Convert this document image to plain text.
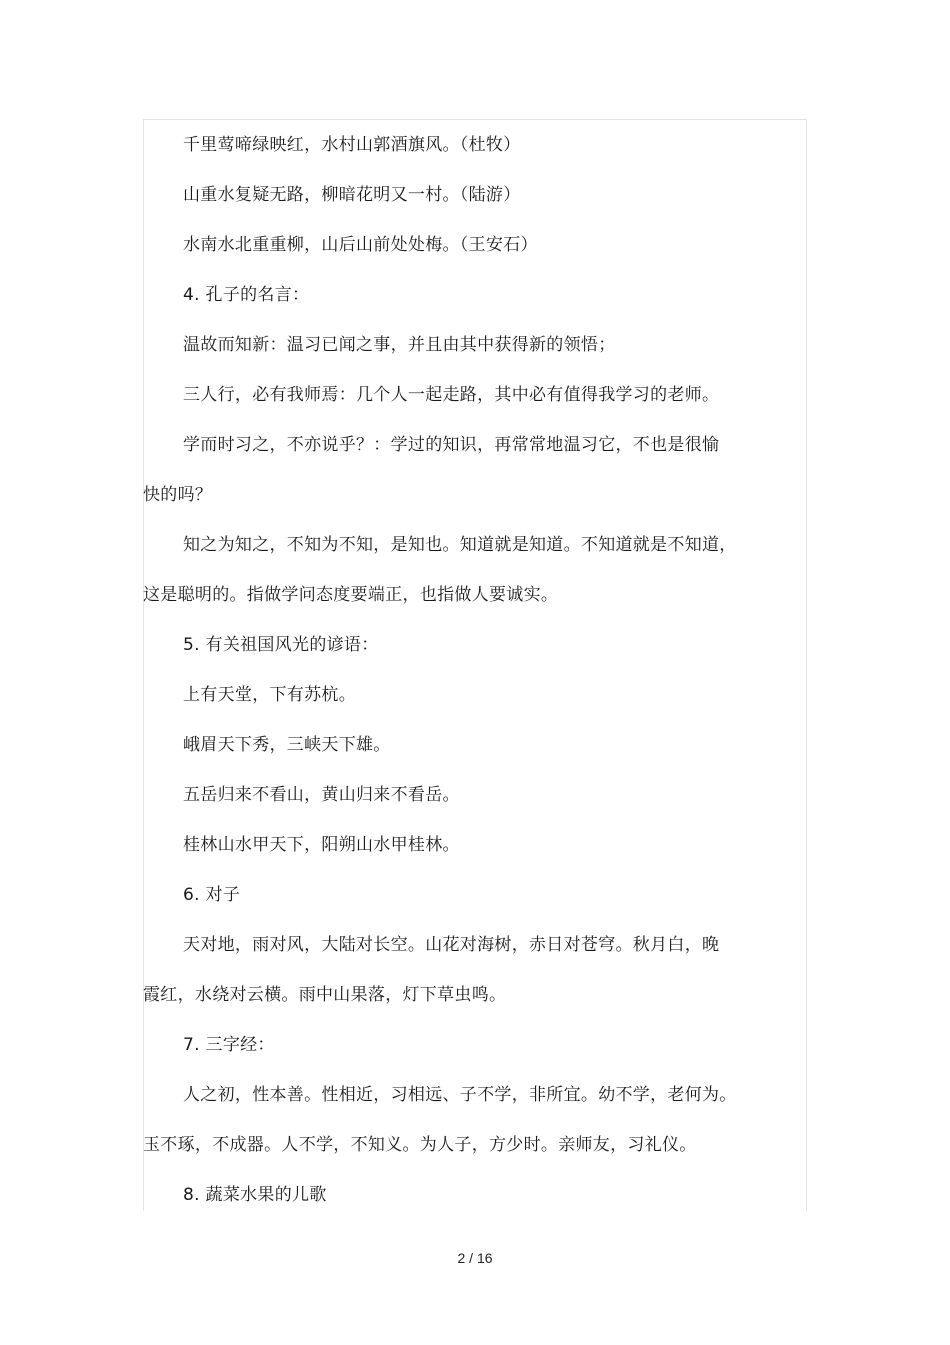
千里莺啼绿映红，水村山郭酒旗风。（杜牧）
山重水复疑无路，柳暗花明又一村。（陆游）
水南水北重重柳，山后山前处处梅。（王安石）
4. 孔子的名言：
温故而知新：温习已闻之事，并且由其中获得新的领悟；
三人行，必有我师焉：几个人一起走路，其中必有值得我学习的老师。
学而时习之，不亦说乎？：学过的知识，再常常地温习它，不也是很愉
快的吗？
知之为知之，不知为不知，是知也。知道就是知道。不知道就是不知道，
这是聪明的。指做学问态度要端正，也指做人要诚实。
5. 有关祖国风光的谚语：
上有天堂，下有苏杭。
峨眉天下秀，三峡天下雄。
五岳归来不看山，黄山归来不看岳。
桂林山水甲天下，阳朔山水甲桂林。
6. 对子
天对地，雨对风，大陆对长空。山花对海树，赤日对苍穹。秋月白，晚
霞红，水绕对云横。雨中山果落，灯下草虫鸣。
7. 三字经：
人之初，性本善。性相近，习相远、子不学，非所宜。幼不学，老何为。
玉不琢，不成器。人不学，不知义。为人子，方少时。亲师友，习礼仪。
8. 蔬菜水果的儿歌
2 / 16
